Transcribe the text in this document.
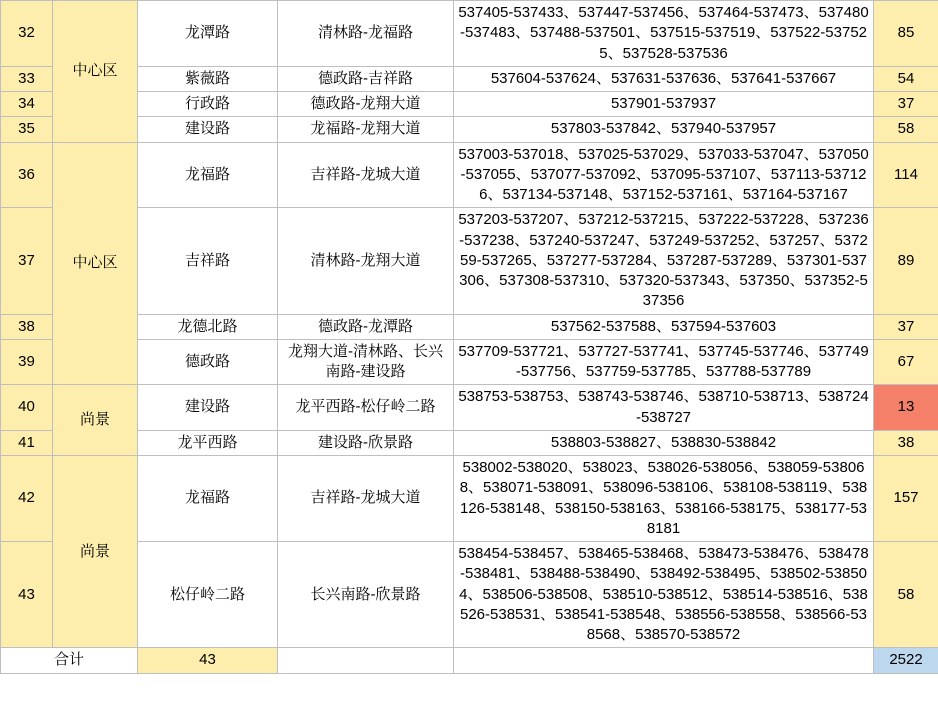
32	中心区	龙潭路	清林路-龙福路	537405-537433、537447-537456、537464-537473、537480-537483、537488-537501、537515-537519、537522-537525、537528-537536	85
33		紫薇路	德政路-吉祥路	537604-537624、537631-537636、537641-537667	54
34		行政路	德政路-龙翔大道	537901-537937	37
35		建设路	龙福路-龙翔大道	537803-537842、537940-537957	58
36	中心区	龙福路	吉祥路-龙城大道	537003-537018、537025-537029、537033-537047、537050-537055、537077-537092、537095-537107、537113-537126、537134-537148、537152-537161、537164-537167	114
37		吉祥路	清林路-龙翔大道	537203-537207、537212-537215、537222-537228、537236-537238、537240-537247、537249-537252、537257、537259-537265、537277-537284、537287-537289、537301-537306、537308-537310、537320-537343、537350、537352-537356	89
38		龙德北路	德政路-龙潭路	537562-537588、537594-537603	37
39		德政路	龙翔大道-清林路、长兴南路-建设路	537709-537721、537727-537741、537745-537746、537749-537756、537759-537785、537788-537789	67
40	尚景	建设路	龙平西路-松仔岭二路	538753-538753、538743-538746、538710-538713、538724-538727	13
41		龙平西路	建设路-欣景路	538803-538827、538830-538842	38
42	尚景	龙福路	吉祥路-龙城大道	538002-538020、538023、538026-538056、538059-538068、538071-538091、538096-538106、538108-538119、538126-538148、538150-538163、538166-538175、538177-538181	157
43		松仔岭二路	长兴南路-欣景路	538454-538457、538465-538468、538473-538476、538478-538481、538488-538490、538492-538495、538502-538504、538506-538508、538510-538512、538514-538516、538526-538531、538541-538548、538556-538558、538566-538568、538570-538572	58
合计		43			2522
